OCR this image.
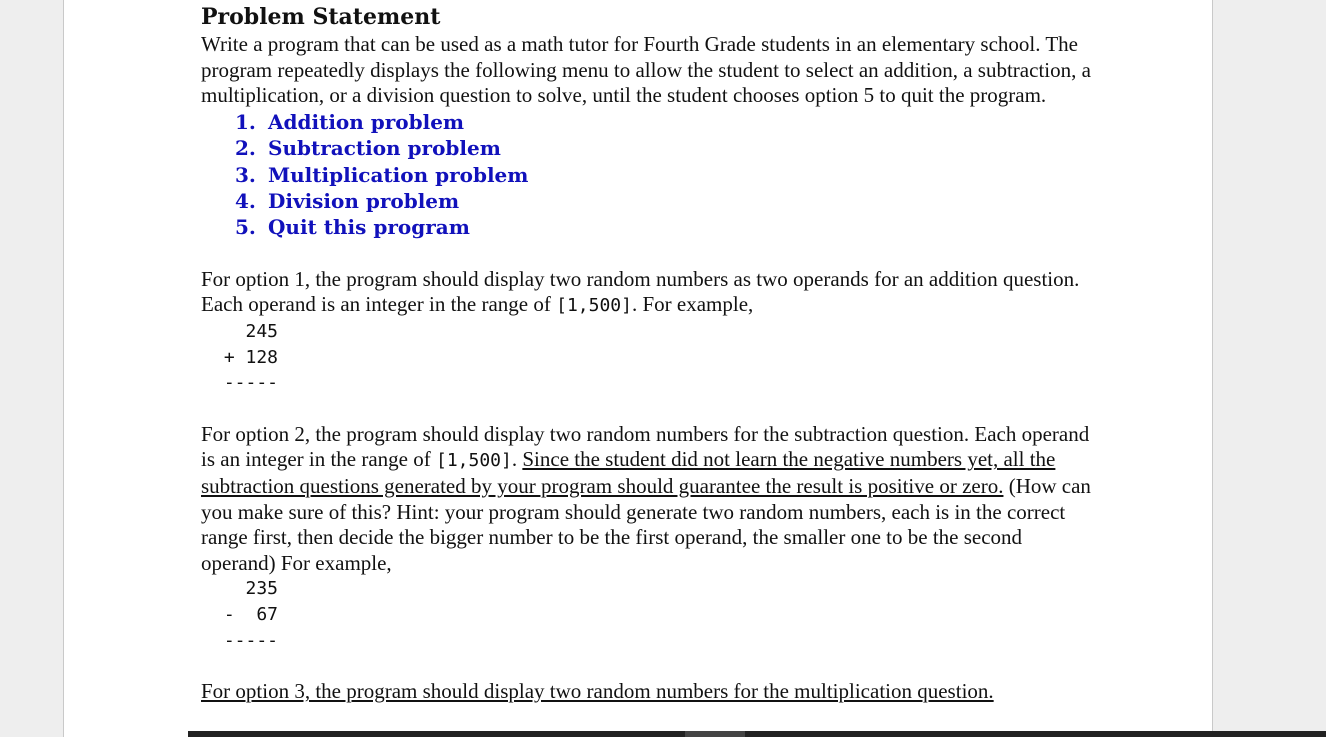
Problem Statement

Write a program that can be used as a math tutor for Fourth Grade students in an elementary school. The program repeatedly displays the following menu to allow the student to select an addition, a subtraction, a multiplication, or a division question to solve, until the student chooses option 5 to quit the program.

1. Addition problem
2. Subtraction problem
3. Multiplication problem
4. Division problem
5. Quit this program

For option 1, the program should display two random numbers as two operands for an addition question. Each operand is an integer in the range of [1,500]. For example,

245
+ 128
-----

For option 2, the program should display two random numbers for the subtraction question. Each operand is an integer in the range of [1,500]. Since the student did not learn the negative numbers yet, all the subtraction questions generated by your program should guarantee the result is positive or zero. (How can you make sure of this? Hint: your program should generate two random numbers, each is in the correct range first, then decide the bigger number to be the first operand, the smaller one to be the second operand) For example,

235
-  67
-----

For option 3, the program should display two random numbers for the multiplication question.
